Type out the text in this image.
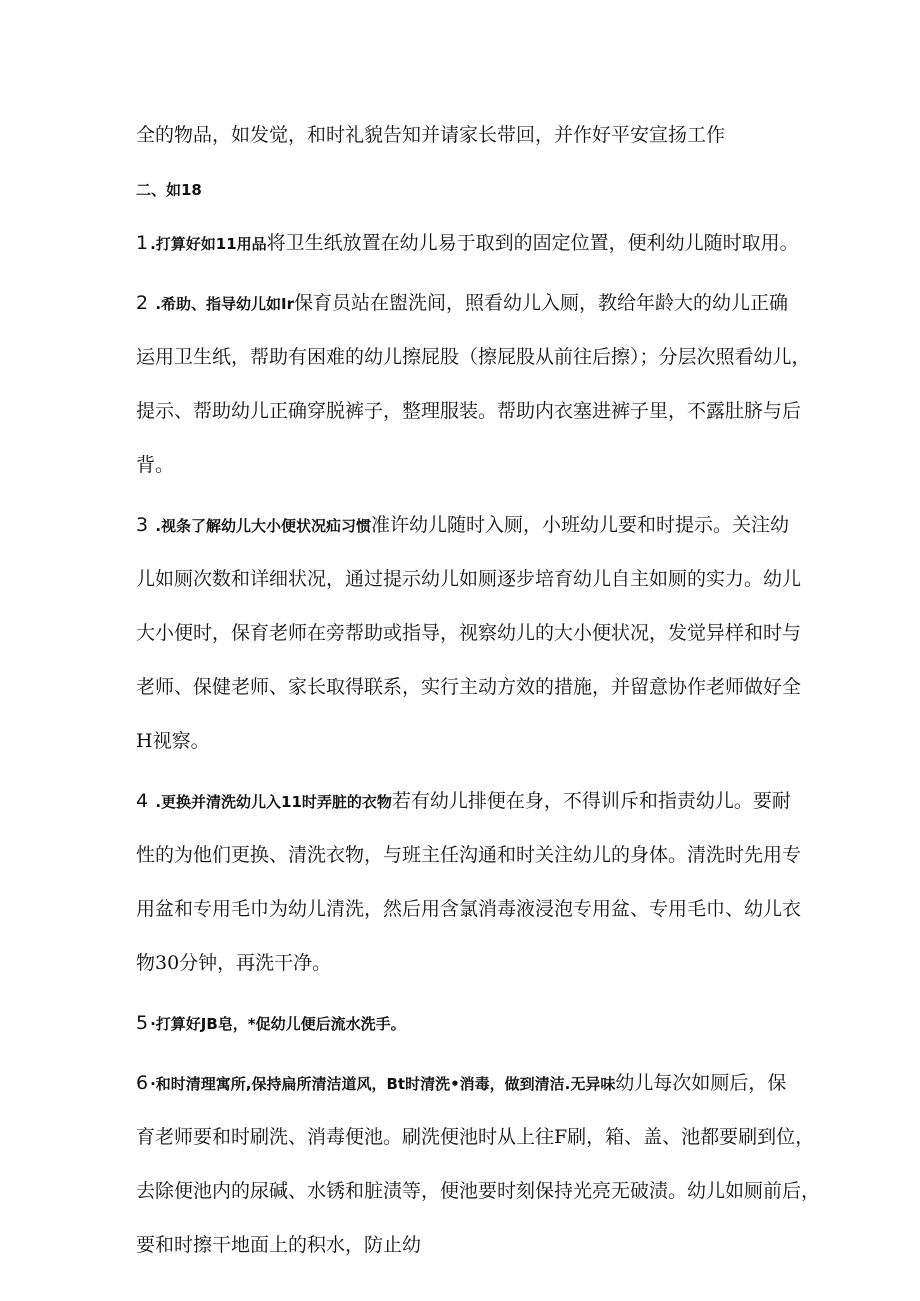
全的物品，如发觉，和时礼貌告知并请家长带回，并作好平安宣扬工作
二、如18
1 .打算好如11用品将卫生纸放置在幼儿易于取到的固定位置，便利幼儿随时取用。
2 .希助、指导幼儿如Ir保育员站在盥洗间，照看幼儿入厕，教给年龄大的幼儿正确
运用卫生纸，帮助有困难的幼儿擦屁股（擦屁股从前往后擦）；分层次照看幼儿，
提示、帮助幼儿正确穿脱裤子，整理服装。帮助内衣塞进裤子里，不露肚脐与后
背。
3 .视条了解幼儿大小便状况疝习惯准许幼儿随时入厕，小班幼儿要和时提示。关注幼
儿如厕次数和详细状况，通过提示幼儿如厕逐步培育幼儿自主如厕的实力。幼儿
大小便时，保育老师在旁帮助或指导，视察幼儿的大小便状况，发觉异样和时与
老师、保健老师、家长取得联系，实行主动方效的措施，并留意协作老师做好全
H视察。
4 .更换并清洗幼儿入11时弄脏的衣物若有幼儿排便在身，不得训斥和指责幼儿。要耐
性的为他们更换、清洗衣物，与班主任沟通和时关注幼儿的身体。清洗时先用专
用盆和专用毛巾为幼儿清洗，然后用含氯消毒液浸泡专用盆、专用毛巾、幼儿衣
物30分钟，再洗干净。
5 ·打算好JB皂，*促幼儿便后流水洗手。
6 ·和时清理寓所,保持扁所清洁道风，Bt时清洗•消毒，做到清洁.无异味幼儿每次如厕后，保
育老师要和时刷洗、消毒便池。刷洗便池时从上往F刷，箱、盖、池都要刷到位，
去除便池内的尿碱、水锈和脏渍等，便池要时刻保持光亮无破渍。幼儿如厕前后，
要和时擦干地面上的积水，防止幼
